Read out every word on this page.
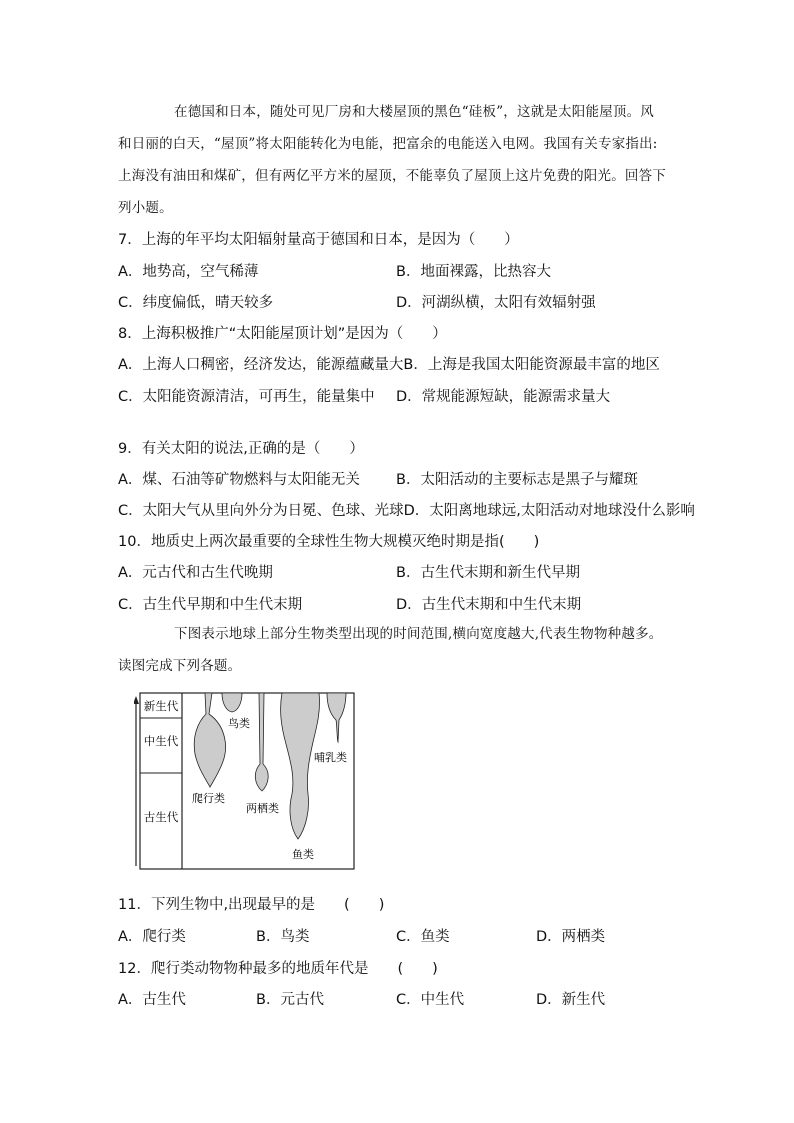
在德国和日本，随处可见厂房和大楼屋顶的黑色“硅板”，这就是太阳能屋顶。风
和日丽的白天，“屋顶”将太阳能转化为电能，把富余的电能送入电网。我国有关专家指出:
上海没有油田和煤矿，但有两亿平方米的屋顶，不能辜负了屋顶上这片免费的阳光。回答下
列小题。
7．上海的年平均太阳辐射量高于德国和日本，是因为（　　）
A．地势高，空气稀薄	B．地面裸露，比热容大
C．纬度偏低，晴天较多	D．河湖纵横，太阳有效辐射强
8．上海积极推广“太阳能屋顶计划”是因为（　　）
A．上海人口稠密，经济发达，能源蕴藏量大B．上海是我国太阳能资源最丰富的地区
C．太阳能资源清洁，可再生，能量集中 D．常规能源短缺，能源需求量大
9．有关太阳的说法,正确的是（　　）
A．煤、石油等矿物燃料与太阳能无关 B．太阳活动的主要标志是黑子与耀斑
C．太阳大气从里向外分为日冕、色球、光球D．太阳离地球远,太阳活动对地球没什么影响
10．地质史上两次最重要的全球性生物大规模灭绝时期是指(　　)
A．元古代和古生代晚期	B．古生代末期和新生代早期
C．古生代早期和中生代末期	D．古生代末期和中生代末期
下图表示地球上部分生物类型出现的时间范围,横向宽度越大,代表生物物种越多。
读图完成下列各题。
新生代
中生代
古生代
鸟类
爬行类
两栖类
哺乳类
鱼类
11．下列生物中,出现最早的是　　(　　)
A．爬行类	B．鸟类	C．鱼类	D．两栖类
12．爬行类动物物种最多的地质年代是　　(　　)
A．古生代	B．元古代	C．中生代	D．新生代
